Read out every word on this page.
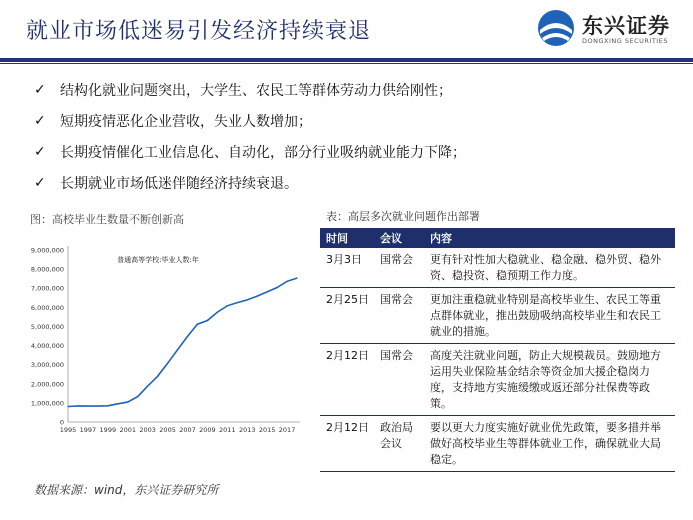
就业市场低迷易引发经济持续衰退	东兴证券
DONGXING SECURITIES
✓	结构化就业问题突出，大学生、农民工等群体劳动力供给刚性；
✓	短期疫情恶化企业营收，失业人数增加；
✓	长期疫情催化工业信息化、自动化，部分行业吸纳就业能力下降；
✓	长期就业市场低迷伴随经济持续衰退。
图：高校毕业生数量不断创新高
0
1,000,000
2,000,000
3,000,000
4,000,000
5,000,000
6,000,000
7,000,000
8,000,000
9,000,000
1995 1997 1999 2001 2003 2005 2007 2009 2011 2013 2015 2017
普通高等学校:毕业人数:年
数据来源：wind，东兴证券研究所
表：高层多次就业问题作出部署
时间	会议	内容
3月3日	国常会	更有针对性加大稳就业、稳金融、稳外贸、稳外资、稳投资、稳预期工作力度。
2月25日	国常会	更加注重稳就业特别是高校毕业生、农民工等重点群体就业，推出鼓励吸纳高校毕业生和农民工就业的措施。
2月12日	国常会	高度关注就业问题，防止大规模裁员。鼓励地方运用失业保险基金结余等资金加大援企稳岗力度，支持地方实施缓缴或返还部分社保费等政策。
2月12日	政治局会议	要以更大力度实施好就业优先政策，要多措并举做好高校毕业生等群体就业工作，确保就业大局稳定。
